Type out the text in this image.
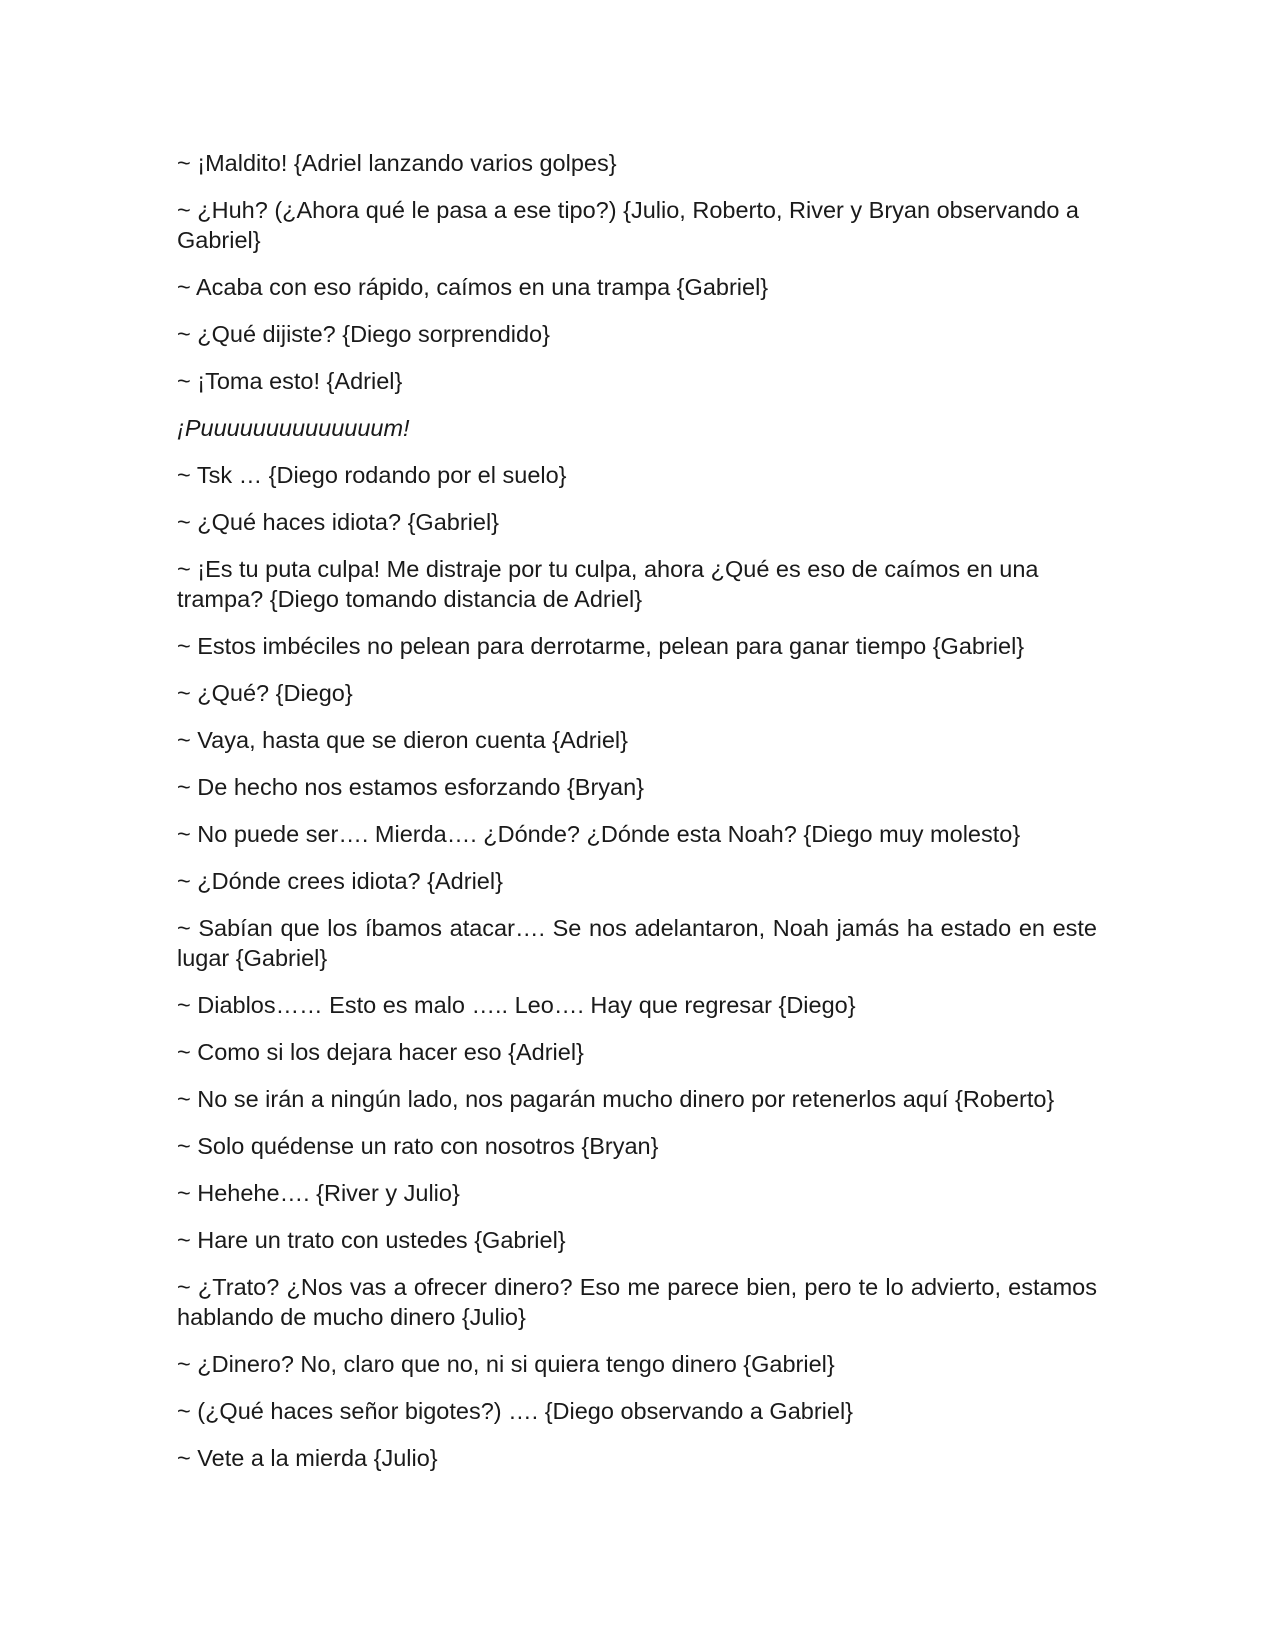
~ ¡Maldito! {Adriel lanzando varios golpes}

~ ¿Huh? (¿Ahora qué le pasa a ese tipo?) {Julio, Roberto, River y Bryan observando a Gabriel}

~ Acaba con eso rápido, caímos en una trampa {Gabriel}

~ ¿Qué dijiste? {Diego sorprendido}

~ ¡Toma esto! {Adriel}

¡Puuuuuuuuuuuuuum!

~ Tsk … {Diego rodando por el suelo}

~ ¿Qué haces idiota? {Gabriel}

~ ¡Es tu puta culpa! Me distraje por tu culpa, ahora ¿Qué es eso de caímos en una trampa? {Diego tomando distancia de Adriel}

~ Estos imbéciles no pelean para derrotarme, pelean para ganar tiempo {Gabriel}

~ ¿Qué? {Diego}

~ Vaya, hasta que se dieron cuenta {Adriel}

~ De hecho nos estamos esforzando {Bryan}

~ No puede ser…. Mierda…. ¿Dónde? ¿Dónde esta Noah? {Diego muy molesto}

~ ¿Dónde crees idiota? {Adriel}

~ Sabían que los íbamos atacar…. Se nos adelantaron, Noah jamás ha estado en este lugar {Gabriel}

~ Diablos…… Esto es malo ….. Leo…. Hay que regresar {Diego}

~ Como si los dejara hacer eso {Adriel}

~ No se irán a ningún lado, nos pagarán mucho dinero por retenerlos aquí {Roberto}

~ Solo quédense un rato con nosotros {Bryan}

~ Hehehe…. {River y Julio}

~ Hare un trato con ustedes {Gabriel}

~ ¿Trato? ¿Nos vas a ofrecer dinero? Eso me parece bien, pero te lo advierto, estamos hablando de mucho dinero {Julio}

~ ¿Dinero? No, claro que no, ni si quiera tengo dinero {Gabriel}

~ (¿Qué haces señor bigotes?) …. {Diego observando a Gabriel}

~ Vete a la mierda {Julio}
